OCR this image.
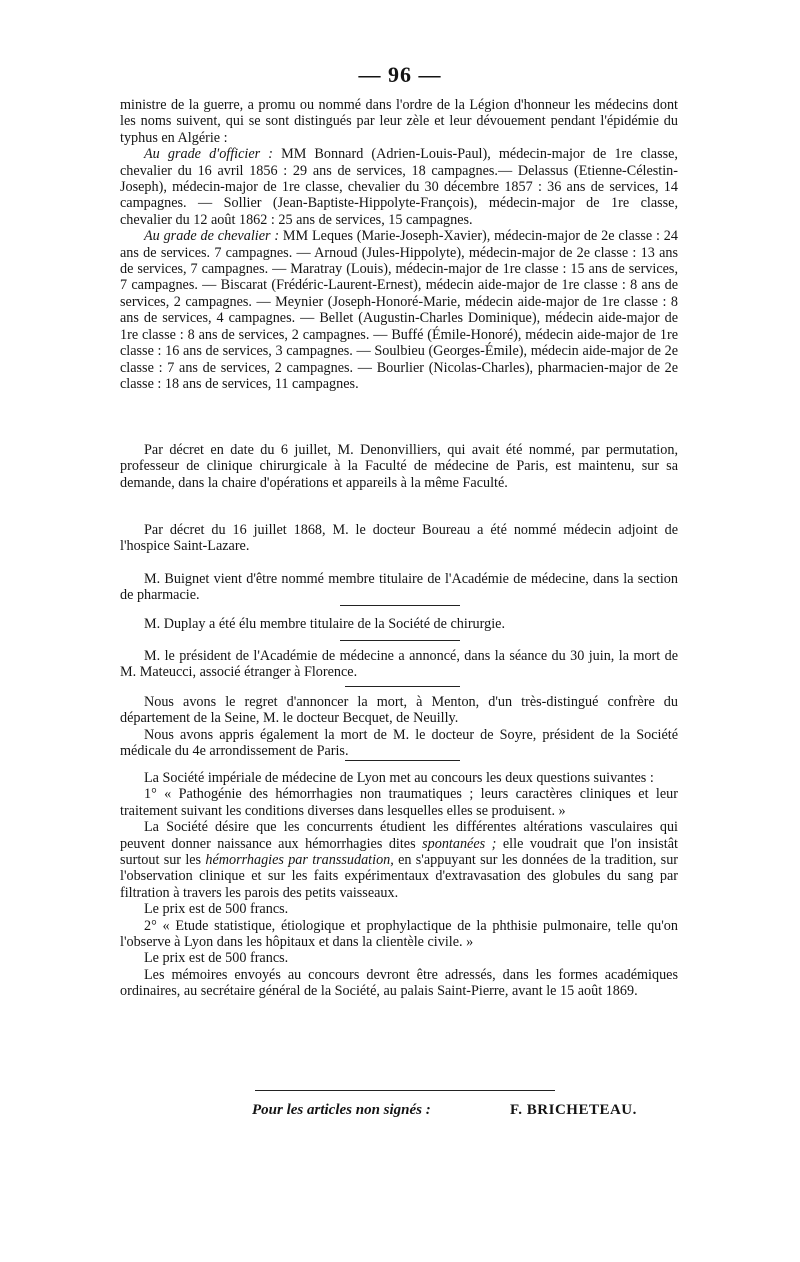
— 96 —

ministre de la guerre, a promu ou nommé dans l'ordre de la Légion d'honneur les médecins dont les noms suivent, qui se sont distingués par leur zèle et leur dévouement pendant l'épidémie du typhus en Algérie :

Au grade d'officier : MM Bonnard (Adrien-Louis-Paul), médecin-major de 1re classe, chevalier du 16 avril 1856 : 29 ans de services, 18 campagnes.— Delassus (Etienne-Célestin-Joseph), médecin-major de 1re classe, chevalier du 30 décembre 1857 : 36 ans de services, 14 campagnes. — Sollier (Jean-Baptiste-Hippolyte-François), médecin-major de 1re classe, chevalier du 12 août 1862 : 25 ans de services, 15 campagnes.

Au grade de chevalier : MM Leques (Marie-Joseph-Xavier), médecin-major de 2e classe : 24 ans de services. 7 campagnes. — Arnoud (Jules-Hippolyte), médecin-major de 2e classe : 13 ans de services, 7 campagnes. — Maratray (Louis), médecin-major de 1re classe : 15 ans de services, 7 campagnes. — Biscarat (Frédéric-Laurent-Ernest), médecin aide-major de 1re classe : 8 ans de services, 2 campagnes. — Meynier (Joseph-Honoré-Marie, médecin aide-major de 1re classe : 8 ans de services, 4 campagnes. — Bellet (Augustin-Charles Dominique), médecin aide-major de 1re classe : 8 ans de services, 2 campagnes. — Buffé (Émile-Honoré), médecin aide-major de 1re classe : 16 ans de services, 3 campagnes. — Soulbieu (Georges-Émile), médecin aide-major de 2e classe : 7 ans de services, 2 campagnes. — Bourlier (Nicolas-Charles), pharmacien-major de 2e classe : 18 ans de services, 11 campagnes.

Par décret en date du 6 juillet, M. Denonvilliers, qui avait été nommé, par permutation, professeur de clinique chirurgicale à la Faculté de médecine de Paris, est maintenu, sur sa demande, dans la chaire d'opérations et appareils à la même Faculté.

Par décret du 16 juillet 1868, M. le docteur Boureau a été nommé médecin adjoint de l'hospice Saint-Lazare.

M. Buignet vient d'être nommé membre titulaire de l'Académie de médecine, dans la section de pharmacie.

M. Duplay a été élu membre titulaire de la Société de chirurgie.

M. le président de l'Académie de médecine a annoncé, dans la séance du 30 juin, la mort de M. Mateucci, associé étranger à Florence.

Nous avons le regret d'annoncer la mort, à Menton, d'un très-distingué confrère du département de la Seine, M. le docteur Becquet, de Neuilly.

Nous avons appris également la mort de M. le docteur de Soyre, président de la Société médicale du 4e arrondissement de Paris.

La Société impériale de médecine de Lyon met au concours les deux questions suivantes :

1° « Pathogénie des hémorrhagies non traumatiques ; leurs caractères cliniques et leur traitement suivant les conditions diverses dans lesquelles elles se produisent. »

La Société désire que les concurrents étudient les différentes altérations vasculaires qui peuvent donner naissance aux hémorrhagies dites spontanées ; elle voudrait que l'on insistât surtout sur les hémorrhagies par transsudation, en s'appuyant sur les données de la tradition, sur l'observation clinique et sur les faits expérimentaux d'extravasation des globules du sang par filtration à travers les parois des petits vaisseaux.

Le prix est de 500 francs.

2° « Etude statistique, étiologique et prophylactique de la phthisie pulmonaire, telle qu'on l'observe à Lyon dans les hôpitaux et dans la clientèle civile. »

Le prix est de 500 francs.

Les mémoires envoyés au concours devront être adressés, dans les formes académiques ordinaires, au secrétaire général de la Société, au palais Saint-Pierre, avant le 15 août 1869.

Pour les articles non signés :	F. BRICHETEAU.
